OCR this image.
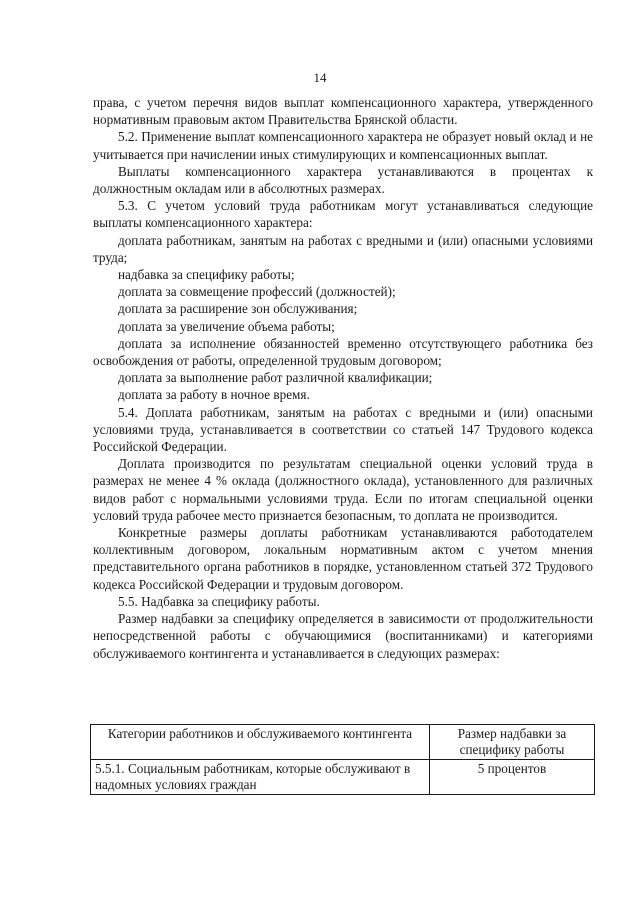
14

права, с учетом перечня видов выплат компенсационного характера, утвержденного нормативным правовым актом Правительства Брянской области.

5.2. Применение выплат компенсационного характера не образует новый оклад и не учитывается при начислении иных стимулирующих и компенсационных выплат.

Выплаты компенсационного характера устанавливаются в процентах к должностным окладам или в абсолютных размерах.

5.3. С учетом условий труда работникам могут устанавливаться следующие выплаты компенсационного характера:

доплата работникам, занятым на работах с вредными и (или) опасными условиями труда;

надбавка за специфику работы;

доплата за совмещение профессий (должностей);

доплата за расширение зон обслуживания;

доплата за увеличение объема работы;

доплата за исполнение обязанностей временно отсутствующего работника без освобождения от работы, определенной трудовым договором;

доплата за выполнение работ различной квалификации;

доплата за работу в ночное время.

5.4. Доплата работникам, занятым на работах с вредными и (или) опасными условиями труда, устанавливается в соответствии со статьей 147 Трудового кодекса Российской Федерации.

Доплата производится по результатам специальной оценки условий труда в размерах не менее 4 % оклада (должностного оклада), установленного для различных видов работ с нормальными условиями труда. Если по итогам специальной оценки условий труда рабочее место признается безопасным, то доплата не производится.

Конкретные размеры доплаты работникам устанавливаются работодателем коллективным договором, локальным нормативным актом с учетом мнения представительного органа работников в порядке, установленном статьей 372 Трудового кодекса Российской Федерации и трудовым договором.

5.5. Надбавка за специфику работы.

Размер надбавки за специфику определяется в зависимости от продолжительности непосредственной работы с обучающимися (воспитанниками) и категориями обслуживаемого контингента и устанавливается в следующих размерах:

Категории работников и обслуживаемого контингента	Размер надбавки за специфику работы
5.5.1. Социальным работникам, которые обслуживают в надомных условиях граждан	5 процентов
